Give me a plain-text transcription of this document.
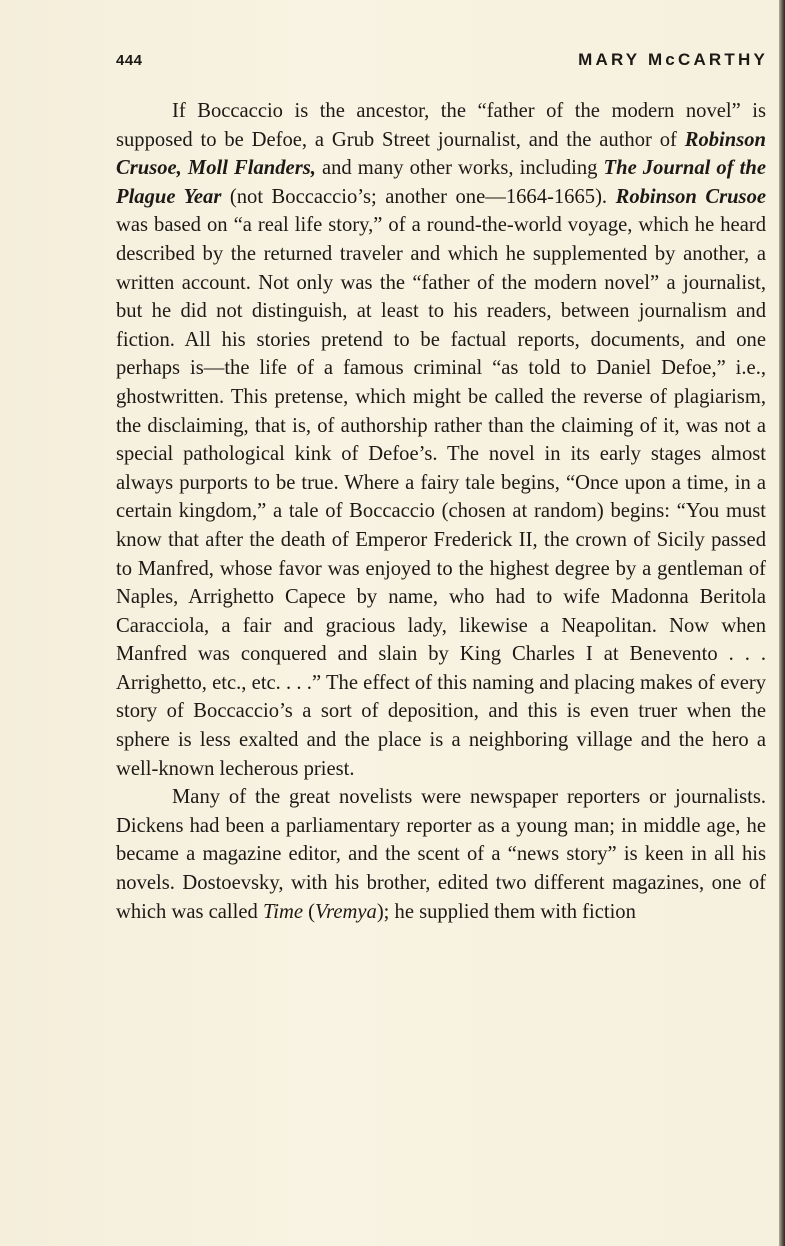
444	MARY McCARTHY

If Boccaccio is the ancestor, the “father of the modern novel” is supposed to be Defoe, a Grub Street journalist, and the author of Robinson Crusoe, Moll Flanders, and many other works, including The Journal of the Plague Year (not Boccaccio’s; another one—1664-1665). Robinson Crusoe was based on “a real life story,” of a round-the-world voyage, which he heard described by the returned traveler and which he supplemented by another, a written account. Not only was the “father of the modern novel” a journalist, but he did not distinguish, at least to his readers, between journalism and fiction. All his stories pretend to be factual reports, documents, and one perhaps is—the life of a famous criminal “as told to Daniel Defoe,” i.e., ghostwritten. This pretense, which might be called the reverse of plagiarism, the disclaiming, that is, of authorship rather than the claiming of it, was not a special pathological kink of Defoe’s. The novel in its early stages almost always purports to be true. Where a fairy tale begins, “Once upon a time, in a certain kingdom,” a tale of Boccaccio (chosen at random) begins: “You must know that after the death of Emperor Frederick II, the crown of Sicily passed to Manfred, whose favor was enjoyed to the highest degree by a gentleman of Naples, Arrighetto Capece by name, who had to wife Madonna Beritola Caracciola, a fair and gracious lady, likewise a Neapolitan. Now when Manfred was conquered and slain by King Charles I at Benevento . . . Arrighetto, etc., etc. . . .” The effect of this naming and placing makes of every story of Boccaccio’s a sort of deposition, and this is even truer when the sphere is less exalted and the place is a neighboring village and the hero a well-known lecherous priest.

Many of the great novelists were newspaper reporters or journalists. Dickens had been a parliamentary reporter as a young man; in middle age, he became a magazine editor, and the scent of a “news story” is keen in all his novels. Dostoevsky, with his brother, edited two different magazines, one of which was called Time (Vremya); he supplied them with fiction
